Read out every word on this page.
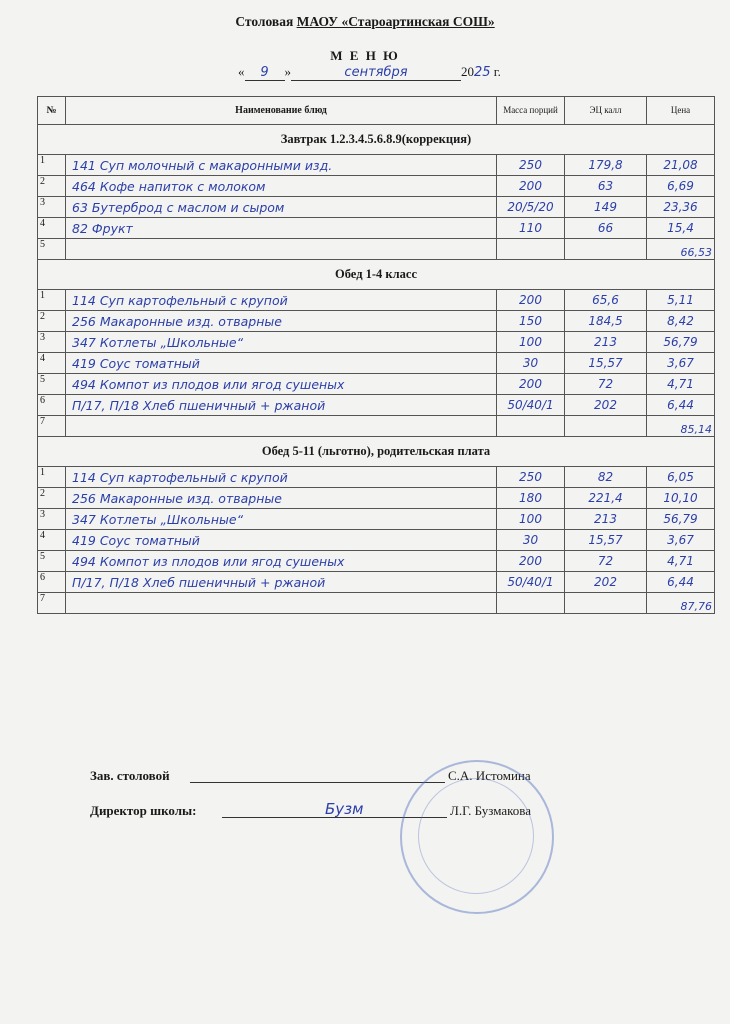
Столовая МАОУ «Староартинская СОШ»
М Е Н Ю
« 9 »	сентября	2025 г.
№	Наименование блюд	Масса порций	ЭЦ калл	Цена
Завтрак 1.2.3.4.5.6.8.9(коррекция)				
1	141 Суп молочный с макаронными изд.	250	179,8	21,08
2	464 Кофе напиток с молоком	200	63	6,69
3	63 Бутерброд с маслом и сыром	20/5/20	149	23,36
4	82 Фрукт	110	66	15,4
5				66,53
Обед 1-4 класс				
1	114 Суп картофельный с крупой	200	65,6	5,11
2	256 Макаронные изд. отварные	150	184,5	8,42
3	347 Котлеты „Школьные“	100	213	56,79
4	419 Соус томатный	30	15,57	3,67
5	494 Компот из плодов или ягод сушеных	200	72	4,71
6	П/17, П/18 Хлеб пшеничный + ржаной	50/40/1	202	6,44
7				85,14
Обед 5-11 (льготно), родительская плата				
1	114 Суп картофельный с крупой	250	82	6,05
2	256 Макаронные изд. отварные	180	221,4	10,10
3	347 Котлеты „Школьные“	100	213	56,79
4	419 Соус томатный	30	15,57	3,67
5	494 Компот из плодов или ягод сушеных	200	72	4,71
6	П/17, П/18 Хлеб пшеничный + ржаной	50/40/1	202	6,44
7				87,76
Зав. столовой	С.А. Истомина
Директор школы:	Л.Г. Бузмакова
Бузм
